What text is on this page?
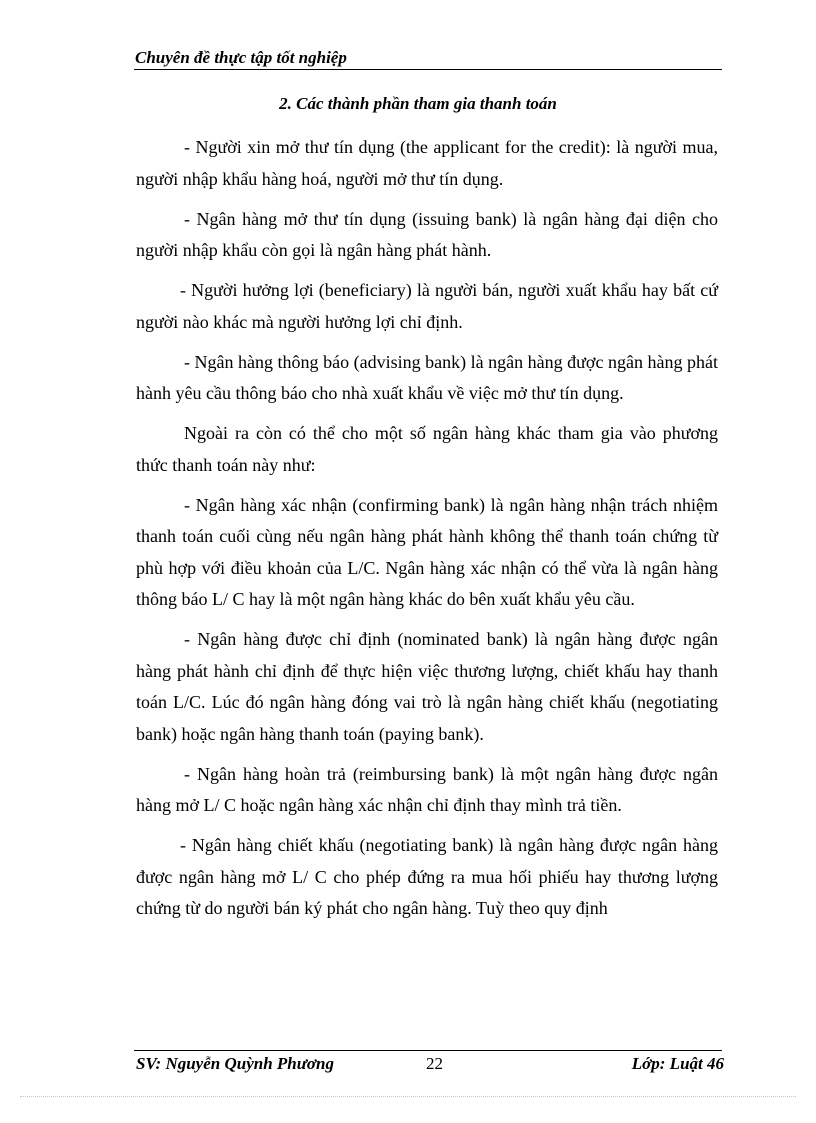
Chuyên đề thực tập tốt nghiệp
2. Các thành phần tham gia thanh toán

- Người xin mở thư tín dụng (the applicant for the credit): là người mua, người nhập khẩu hàng hoá, người mở thư tín dụng.

- Ngân hàng mở thư tín dụng (issuing bank) là ngân hàng đại diện cho người nhập khẩu còn gọi là ngân hàng phát hành.

- Người hưởng lợi (beneficiary) là người bán, người xuất khẩu hay bất cứ người nào khác mà người hưởng lợi chỉ định.

- Ngân hàng thông báo (advising bank) là ngân hàng được ngân hàng phát hành yêu cầu thông báo cho nhà xuất khẩu về việc mở thư tín dụng.

Ngoài ra còn có thể cho một số ngân hàng khác tham gia vào phương thức thanh toán này như:

- Ngân hàng xác nhận (confirming bank) là ngân hàng nhận trách nhiệm thanh toán cuối cùng nếu ngân hàng phát hành không thể thanh toán chứng từ phù hợp với điều khoản của L/C. Ngân hàng xác nhận có thể vừa là ngân hàng thông báo L/ C hay là một ngân hàng khác do bên xuất khẩu yêu cầu.

- Ngân hàng được chỉ định (nominated bank) là ngân hàng được ngân hàng phát hành chỉ định để thực hiện việc thương lượng, chiết khấu hay thanh toán L/C. Lúc đó ngân hàng đóng vai trò là ngân hàng chiết khấu (negotiating bank) hoặc ngân hàng thanh toán (paying bank).

- Ngân hàng hoàn trả (reimbursing bank) là một ngân hàng được ngân hàng mở L/ C hoặc ngân hàng xác nhận chỉ định thay mình trả tiền.

- Ngân hàng chiết khấu (negotiating bank) là ngân hàng được ngân hàng được ngân hàng mở L/ C cho phép đứng ra mua hối phiếu hay thương lượng chứng từ do người bán ký phát cho ngân hàng. Tuỳ theo quy định

SV: Nguyễn Quỳnh Phương	22	Lớp: Luật 46
